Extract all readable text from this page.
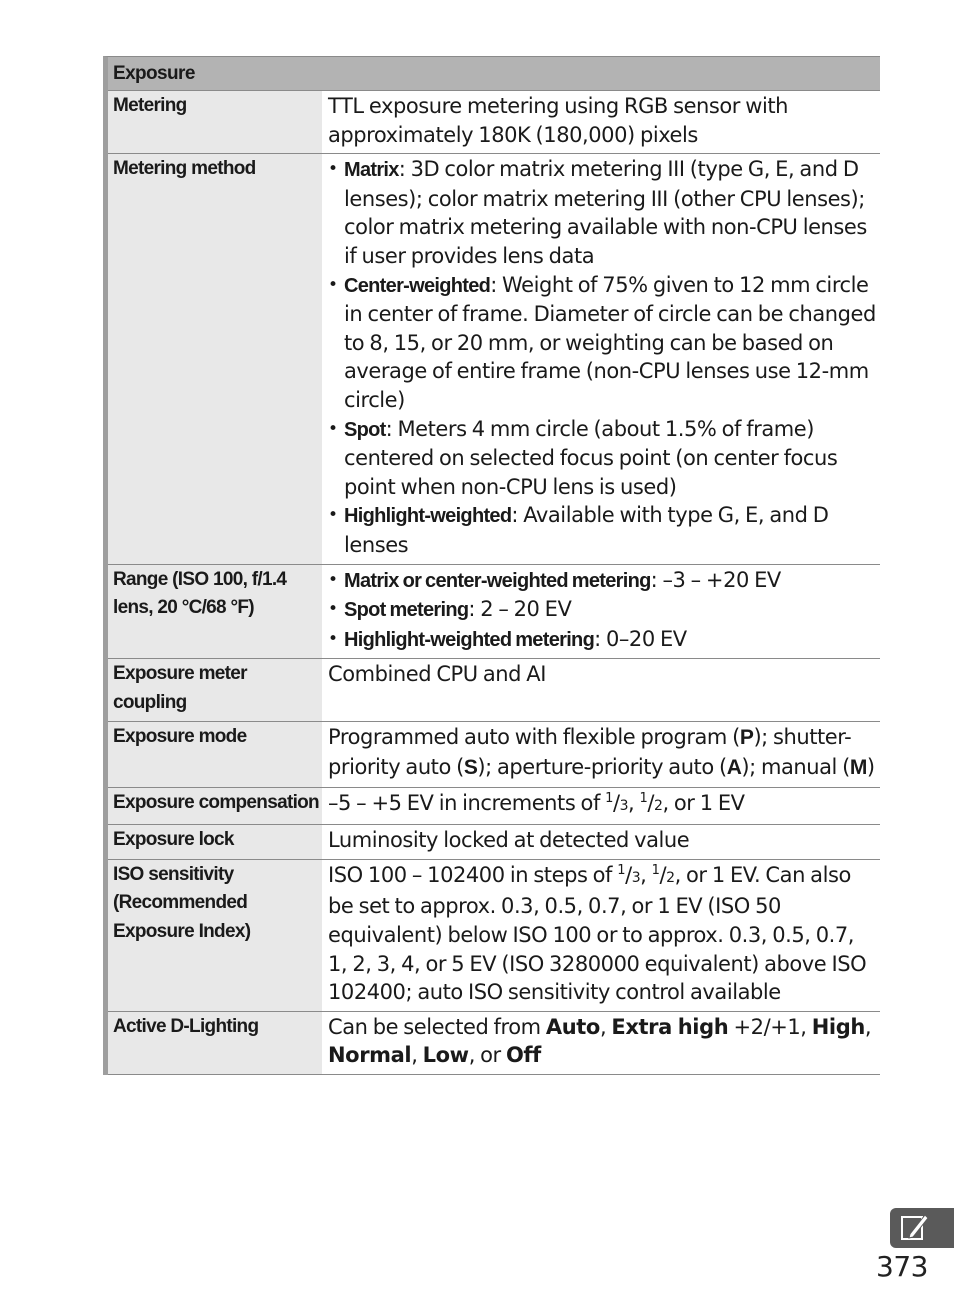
Exposure
Metering	TTL exposure metering using RGB sensor with approximately 180K (180,000) pixels
Metering method
•	Matrix: 3D color matrix metering III (type G, E, and D lenses); color matrix metering III (other CPU lenses); color matrix metering available with non-CPU lenses if user provides lens data
• Center-weighted: Weight of 75% given to 12 mm circle in center of frame. Diameter of circle can be changed to 8, 15, or 20 mm, or weighting can be based on average of entire frame (non-CPU lenses use 12-mm circle)
• Spot: Meters 4 mm circle (about 1.5% of frame) centered on selected focus point (on center focus point when non-CPU lens is used)
• Highlight-weighted: Available with type G, E, and D lenses
Range (ISO 100, f/1.4 lens, 20 °C/68 °F)
• Matrix or center-weighted metering: –3 – +20 EV
• Spot metering: 2 – 20 EV
• Highlight-weighted metering: 0–20 EV
Exposure meter coupling
Combined CPU and AI
Exposure mode	Programmed auto with flexible program (P); shutter-priority auto (S); aperture-priority auto (A); manual (M)
Exposure compensation –5 – +5 EV in increments of $^1$/3, $^1$/2, or 1 EV
Exposure lock	Luminosity locked at detected value
ISO sensitivity
(Recommended
Exposure Index)
ISO 100 – 102400 in steps of $^1$/3, $^1$/2, or 1 EV. Can also be set to approx. 0.3, 0.5, 0.7, or 1 EV (ISO 50 equivalent) below ISO 100 or to approx. 0.3, 0.5, 0.7, 1, 2, 3, 4, or 5 EV (ISO 3280000 equivalent) above ISO 102400; auto ISO sensitivity control available
Active D-Lighting	Can be selected from Auto, Extra high +2/+1, High, Normal, Low, or Off
373
